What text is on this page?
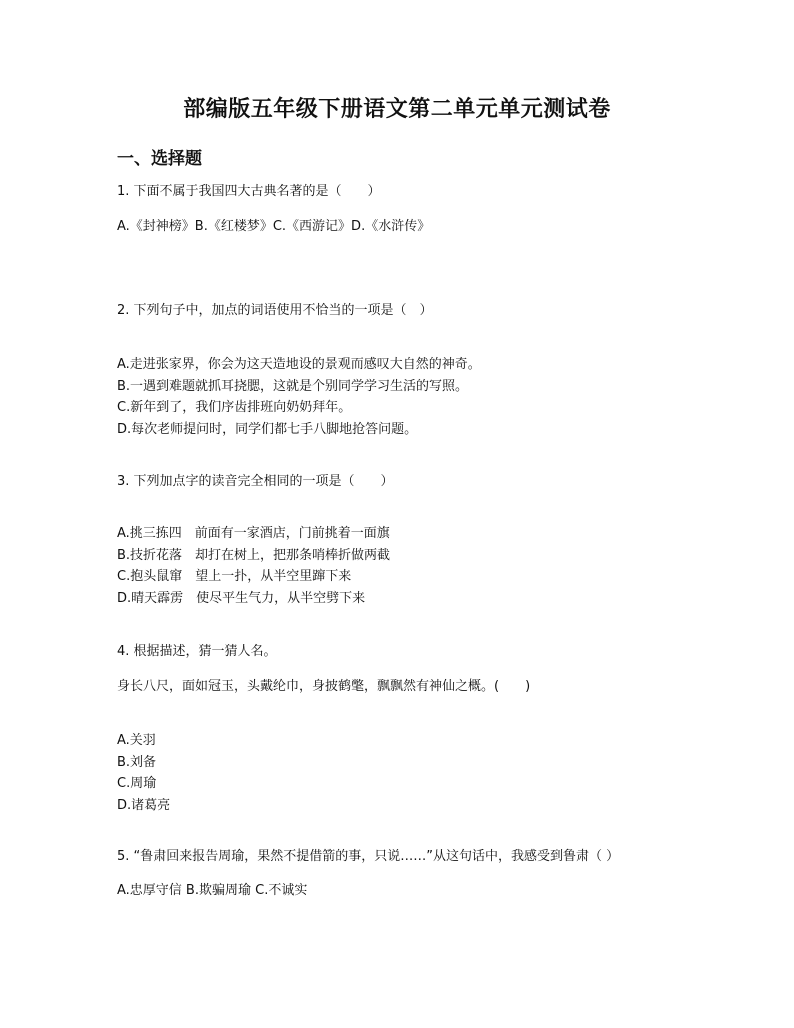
部编版五年级下册语文第二单元单元测试卷
一、选择题
1. 下面不属于我国四大古典名著的是（　　）
A.《封神榜》B.《红楼梦》C.《西游记》D.《水浒传》
2. 下列句子中，加点的词语使用不恰当的一项是（　）
A.走进张家界，你会为这天造地设的景观而感叹大自然的神奇。
B.一遇到难题就抓耳挠腮，这就是个别同学学习生活的写照。
C.新年到了，我们序齿排班向奶奶拜年。
D.每次老师提问时，同学们都七手八脚地抢答问题。
3. 下列加点字的读音完全相同的一项是（　　）
A.挑三拣四　前面有一家酒店，门前挑着一面旗
B.技折花落　却打在树上，把那条哨棒折做两截
C.抱头鼠窜　望上一扑，从半空里蹿下来
D.晴天霹雳　使尽平生气力，从半空劈下来
4. 根据描述，猜一猜人名。
身长八尺，面如冠玉，头戴纶巾，身披鹤氅，飘飘然有神仙之概。(　　)
A.关羽
B.刘备
C.周瑜
D.诸葛亮
5. “鲁肃回来报告周瑜，果然不提借箭的事，只说……”从这句话中，我感受到鲁肃（ ）
A.忠厚守信 B.欺骗周瑜 C.不诚实
